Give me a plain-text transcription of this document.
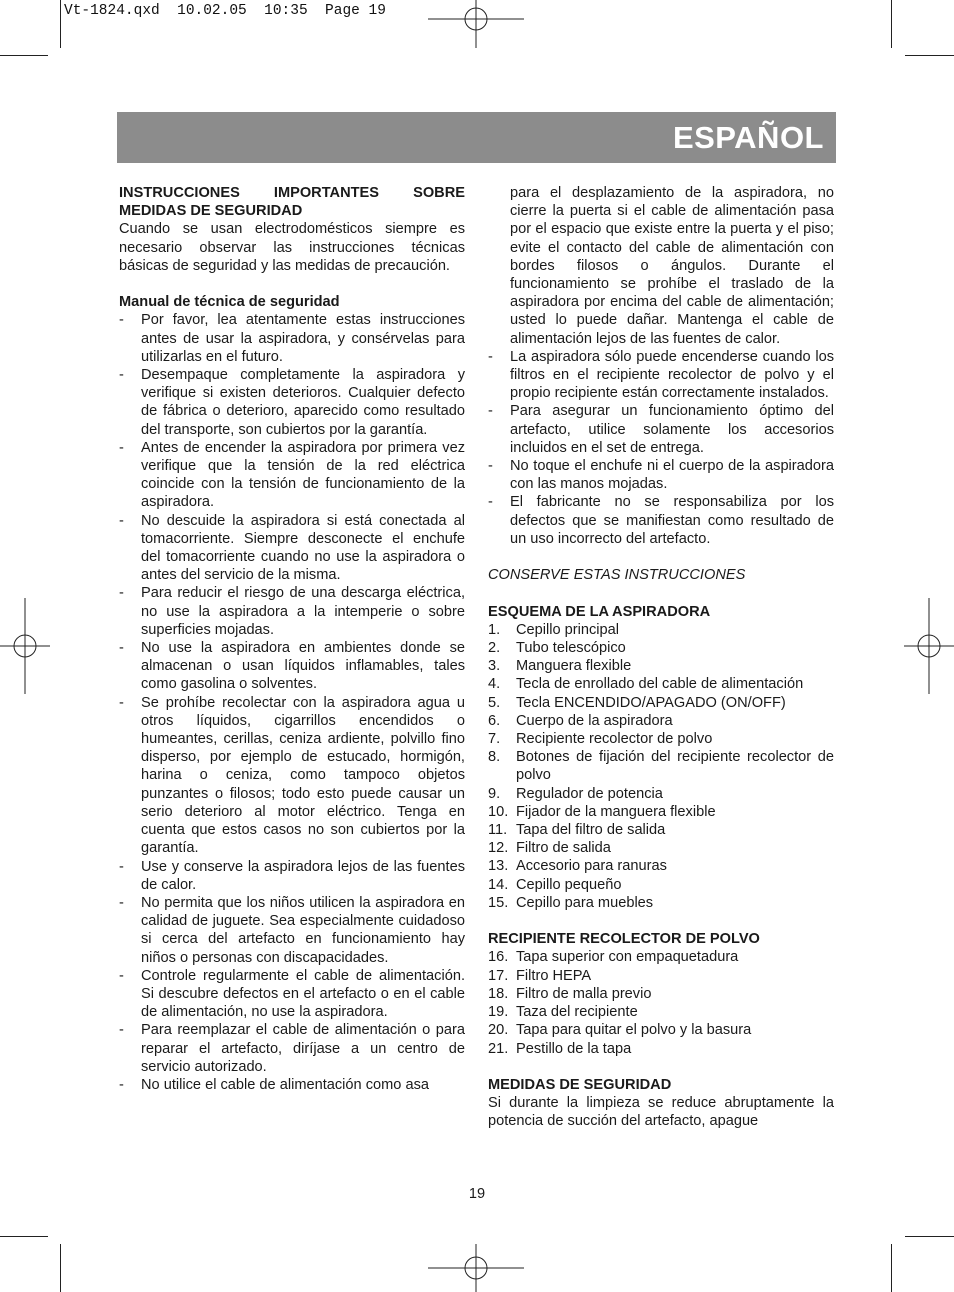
Vt-1824.qxd  10.02.05  10:35  Page 19
ESPAÑOL

INSTRUCCIONES IMPORTANTES SOBRE MEDIDAS DE SEGURIDAD

Cuando se usan electrodomésticos siempre es necesario observar las instrucciones técnicas básicas de seguridad y las medidas de precaución.

Manual de técnica de seguridad

- Por favor, lea atentamente estas instrucciones antes de usar la aspiradora, y consérvelas para utilizarlas en el futuro.
- Desempaque completamente la aspiradora y verifique si existen deterioros. Cualquier defecto de fábrica o deterioro, aparecido como resultado del transporte, son cubiertos por la garantía.
- Antes de encender la aspiradora por primera vez verifique que la tensión de la red eléctrica coincide con la tensión de funcionamiento de la aspiradora.
- No descuide la aspiradora si está conectada al tomacorriente. Siempre desconecte el enchufe del tomacorriente cuando no use la aspiradora o antes del servicio de la misma.
- Para reducir el riesgo de una descarga eléctrica, no use la aspiradora a la intemperie o sobre superficies mojadas.
- No use la aspiradora en ambientes donde se almacenan o usan líquidos inflamables, tales como gasolina o solventes.
- Se prohíbe recolectar con la aspiradora agua u otros líquidos, cigarrillos encendidos o humeantes, cerillas, ceniza ardiente, polvillo fino disperso, por ejemplo de estucado, hormigón, harina o ceniza, como tampoco objetos punzantes o filosos; todo esto puede causar un serio deterioro al motor eléctrico. Tenga en cuenta que estos casos no son cubiertos por la garantía.
- Use y conserve la aspiradora lejos de las fuentes de calor.
- No permita que los niños utilicen la aspiradora en calidad de juguete. Sea especialmente cuidadoso si cerca del artefacto en funcionamiento hay niños o personas con discapacidades.
- Controle regularmente el cable de alimentación. Si descubre defectos en el artefacto o en el cable de alimentación, no use la aspiradora.
- Para reemplazar el cable de alimentación o para reparar el artefacto, diríjase a un centro de servicio autorizado.
- No utilice el cable de alimentación como asa

para el desplazamiento de la aspiradora, no cierre la puerta si el cable de alimentación pasa por el espacio que existe entre la puerta y el piso; evite el contacto del cable de alimentación con bordes filosos o ángulos. Durante el funcionamiento se prohíbe el traslado de la aspiradora por encima del cable de alimentación; usted lo puede dañar. Mantenga el cable de alimentación lejos de las fuentes de calor.

- La aspiradora sólo puede encenderse cuando los filtros en el recipiente recolector de polvo y el propio recipiente están correctamente instalados.
- Para asegurar un funcionamiento óptimo del artefacto, utilice solamente los accesorios incluidos en el set de entrega.
- No toque el enchufe ni el cuerpo de la aspiradora con las manos mojadas.
- El fabricante no se responsabiliza por los defectos que se manifiestan como resultado de un uso incorrecto del artefacto.

CONSERVE ESTAS INSTRUCCIONES

ESQUEMA DE LA ASPIRADORA

1.	Cepillo principal
2.	Tubo telescópico
3.	Manguera flexible
4.	Tecla de enrollado del cable de alimentación
5.	Tecla ENCENDIDO/APAGADO (ON/OFF)
6.	Cuerpo de la aspiradora
7.	Recipiente recolector de polvo
8.	Botones de fijación del recipiente recolector de polvo
9.	Regulador de potencia
10. Fijador de la manguera flexible
11. Tapa del filtro de salida
12. Filtro de salida
13. Accesorio para ranuras
14. Cepillo pequeño
15. Cepillo para muebles

RECIPIENTE RECOLECTOR DE POLVO

16. Tapa superior con empaquetadura
17. Filtro HEPA
18. Filtro de malla previo
19. Taza del recipiente
20. Tapa para quitar el polvo y la basura
21. Pestillo de la tapa

MEDIDAS DE SEGURIDAD

Si durante la limpieza se reduce abruptamente la potencia de succión del artefacto, apague

19
